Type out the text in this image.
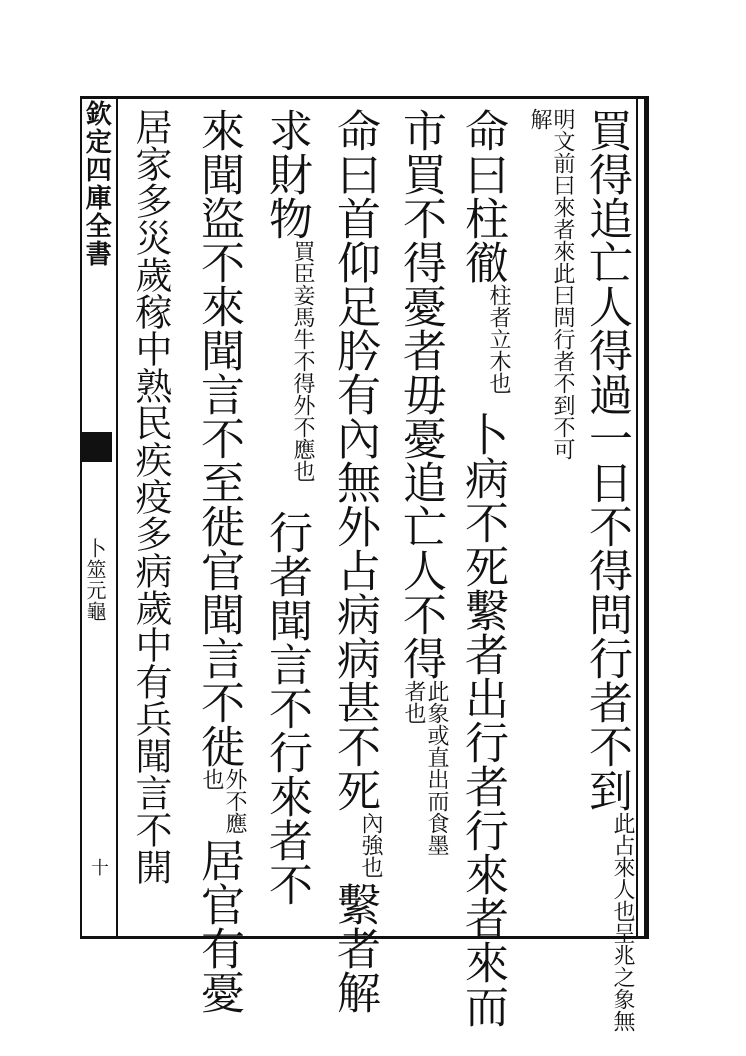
欽定四庫全書
卜筮元龜
十
買得追亡人得過一日不得問行者不到此占來人也呈兆之象無
明文前曰來者來此曰問行者不到不可解
命曰柱徹柱者立木也卜病不死繫者出行者行來者來而
市買不得憂者毋憂追亡人不得此象或直出而食墨者也
命曰首仰足肣有內無外占病病甚不死內強也繫者解
求財物買臣妾馬牛不得外不應也行者聞言不行來者不
來聞盜不來聞言不至徙官聞言不徙外不應也居官有憂
居家多災歲稼中熟民疾疫多病歲中有兵聞言不開
